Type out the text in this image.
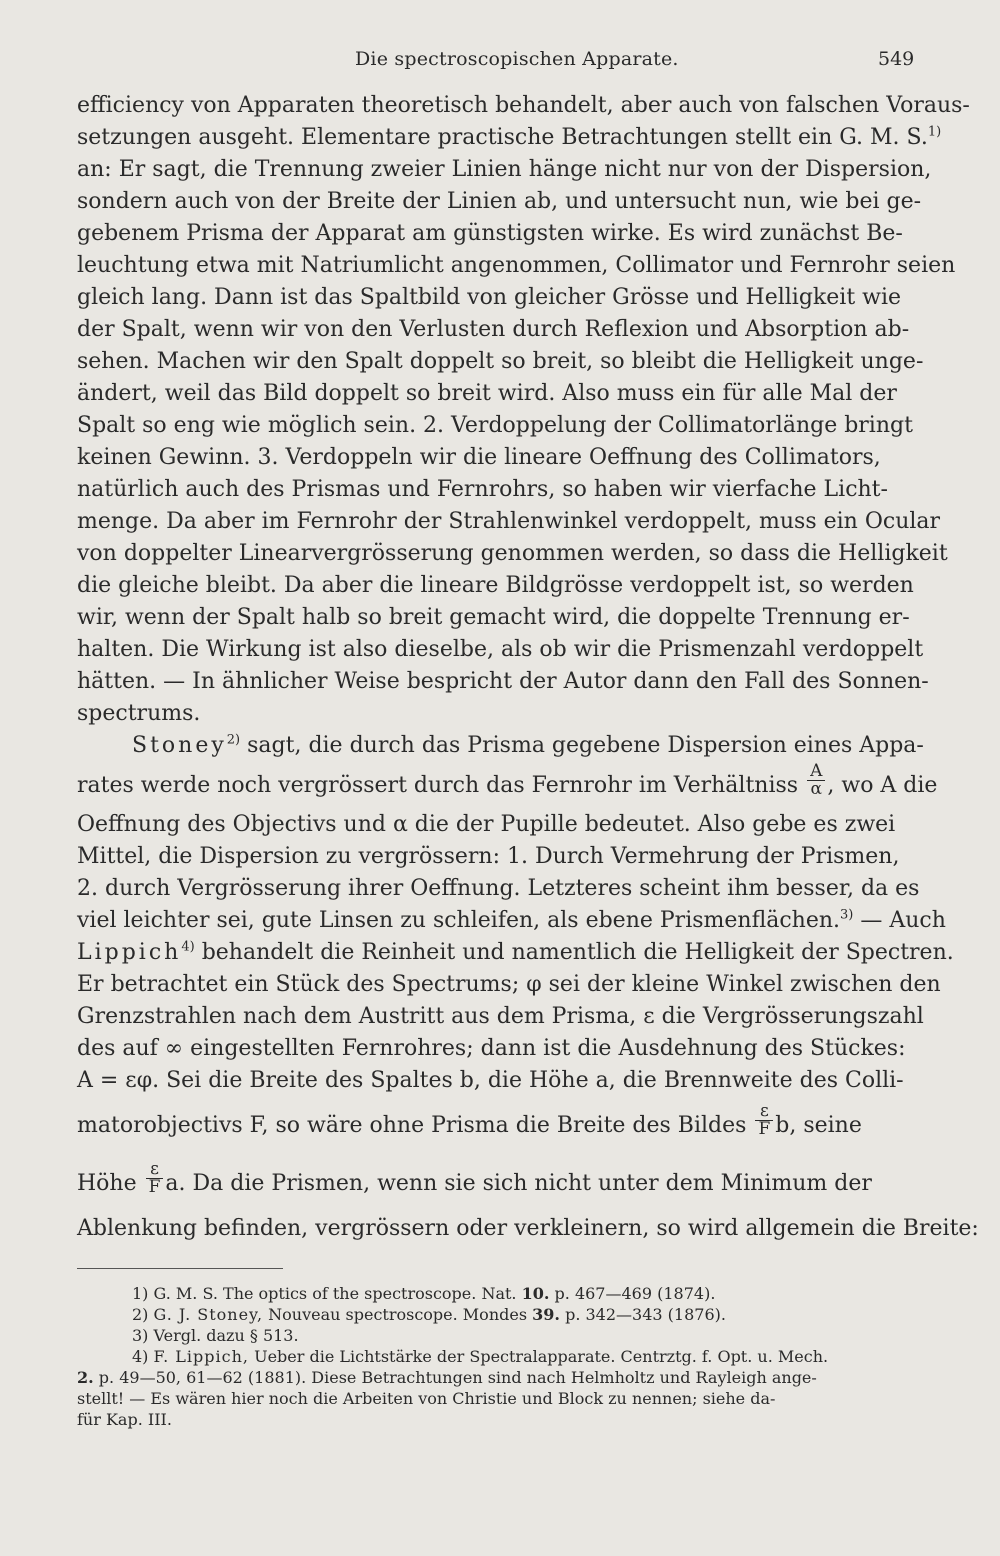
Die spectroscopischen Apparate.	549
efficiency von Apparaten theoretisch behandelt, aber auch von falschen Voraus-
setzungen ausgeht. Elementare practische Betrachtungen stellt ein G. M. S.$^{1)}$
an: Er sagt, die Trennung zweier Linien hänge nicht nur von der Dispersion,
sondern auch von der Breite der Linien ab, und untersucht nun, wie bei ge-
gebenem Prisma der Apparat am günstigsten wirke. Es wird zunächst Be-
leuchtung etwa mit Natriumlicht angenommen, Collimator und Fernrohr seien
gleich lang. Dann ist das Spaltbild von gleicher Grösse und Helligkeit wie
der Spalt, wenn wir von den Verlusten durch Reflexion und Absorption ab-
sehen. Machen wir den Spalt doppelt so breit, so bleibt die Helligkeit unge-
ändert, weil das Bild doppelt so breit wird. Also muss ein für alle Mal der
Spalt so eng wie möglich sein. 2. Verdoppelung der Collimatorlänge bringt
keinen Gewinn. 3. Verdoppeln wir die lineare Oeffnung des Collimators,
natürlich auch des Prismas und Fernrohrs, so haben wir vierfache Licht-
menge. Da aber im Fernrohr der Strahlenwinkel verdoppelt, muss ein Ocular
von doppelter Linearvergrösserung genommen werden, so dass die Helligkeit
die gleiche bleibt. Da aber die lineare Bildgrösse verdoppelt ist, so werden
wir, wenn der Spalt halb so breit gemacht wird, die doppelte Trennung er-
halten. Die Wirkung ist also dieselbe, als ob wir die Prismenzahl verdoppelt
hätten. — In ähnlicher Weise bespricht der Autor dann den Fall des Sonnen-
spectrums.
Stoney$^{2)}$ sagt, die durch das Prisma gegebene Dispersion eines Appa-
rates werde noch vergrössert durch das Fernrohr im Verhältniss $\frac{A}{\alpha}$ , wo A die
Oeffnung des Objectivs und α die der Pupille bedeutet. Also gebe es zwei
Mittel, die Dispersion zu vergrössern: 1. Durch Vermehrung der Prismen,
2. durch Vergrösserung ihrer Oeffnung. Letzteres scheint ihm besser, da es
viel leichter sei, gute Linsen zu schleifen, als ebene Prismenflächen.$^{3)}$ — Auch
Lippich$^{4)}$ behandelt die Reinheit und namentlich die Helligkeit der Spectren.
Er betrachtet ein Stück des Spectrums; φ sei der kleine Winkel zwischen den
Grenzstrahlen nach dem Austritt aus dem Prisma, ε die Vergrösserungszahl
des auf ∞ eingestellten Fernrohres; dann ist die Ausdehnung des Stückes:
A = εφ. Sei die Breite des Spaltes b, die Höhe a, die Brennweite des Colli-
matorobjectivs F, so wäre ohne Prisma die Breite des Bildes $\frac{\varepsilon}{F} b$, seine
Höhe $\frac{\varepsilon}{F} a$. Da die Prismen, wenn sie sich nicht unter dem Minimum der
Ablenkung befinden, vergrössern oder verkleinern, so wird allgemein die Breite:
1) G. M. S. The optics of the spectroscope. Nat. 10. p. 467—469 (1874).
2) G. J. Stoney, Nouveau spectroscope. Mondes 39. p. 342—343 (1876).
3) Vergl. dazu § 513.
4) F. Lippich, Ueber die Lichtstärke der Spectralapparate. Centrztg. f. Opt. u. Mech.
2. p. 49—50, 61—62 (1881). Diese Betrachtungen sind nach Helmholtz und Rayleigh ange-
stellt! — Es wären hier noch die Arbeiten von Christie und Block zu nennen; siehe da-
für Kap. III.
